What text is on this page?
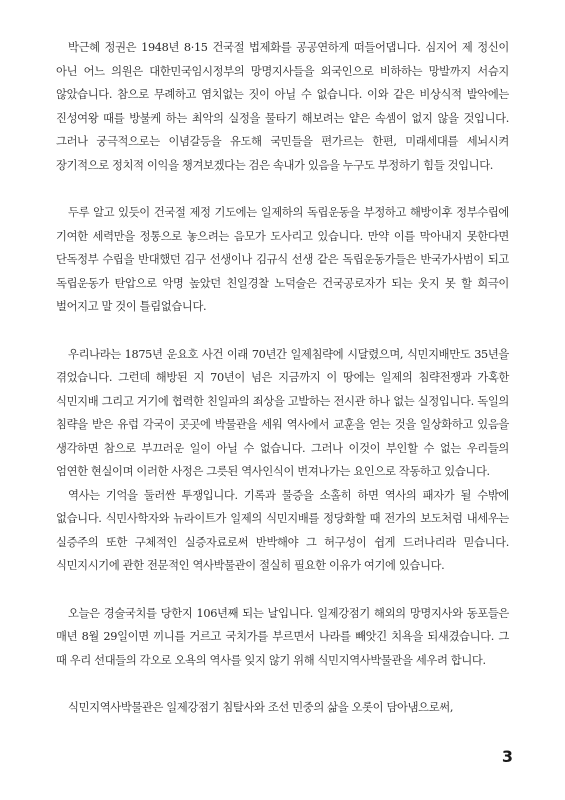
박근혜 정권은 1948년 8·15 건국절 법제화를 공공연하게 떠들어댑니다. 심지어 제 정신이 아닌 어느 의원은 대한민국임시정부의 망명지사들을 외국인으로 비하하는 망발까지 서슴지 않았습니다. 참으로 무례하고 염치없는 짓이 아닐 수 없습니다. 이와 같은 비상식적 발악에는 진성여왕 때를 방불케 하는 최악의 실정을 물타기 해보려는 얕은 속셈이 없지 않을 것입니다. 그러나 궁극적으로는 이념갈등을 유도해 국민들을 편가르는 한편, 미래세대를 세뇌시켜 장기적으로 정치적 이익을 챙겨보겠다는 검은 속내가 있음을 누구도 부정하기 힘들 것입니다.

두루 알고 있듯이 건국절 제정 기도에는 일제하의 독립운동을 부정하고 해방이후 정부수립에 기여한 세력만을 정통으로 놓으려는 음모가 도사리고 있습니다. 만약 이를 막아내지 못한다면 단독정부 수립을 반대했던 김구 선생이나 김규식 선생 같은 독립운동가들은 반국가사범이 되고 독립운동가 탄압으로 악명 높았던 친일경찰 노덕술은 건국공로자가 되는 웃지 못 할 희극이 벌어지고 말 것이 틀림없습니다.

우리나라는 1875년 운요호 사건 이래 70년간 일제침략에 시달렸으며, 식민지배만도 35년을 겪었습니다. 그런데 해방된 지 70년이 넘은 지금까지 이 땅에는 일제의 침략전쟁과 가혹한 식민지배 그리고 거기에 협력한 친일파의 죄상을 고발하는 전시관 하나 없는 실정입니다. 독일의 침략을 받은 유럽 각국이 곳곳에 박물관을 세워 역사에서 교훈을 얻는 것을 일상화하고 있음을 생각하면 참으로 부끄러운 일이 아닐 수 없습니다. 그러나 이것이 부인할 수 없는 우리들의 엄연한 현실이며 이러한 사정은 그릇된 역사인식이 번져나가는 요인으로 작동하고 있습니다.

역사는 기억을 둘러싼 투쟁입니다. 기록과 물증을 소홀히 하면 역사의 패자가 될 수밖에 없습니다. 식민사학자와 뉴라이트가 일제의 식민지배를 정당화할 때 전가의 보도처럼 내세우는 실증주의 또한 구체적인 실증자료로써 반박해야 그 허구성이 쉽게 드러나리라 믿습니다. 식민지시기에 관한 전문적인 역사박물관이 절실히 필요한 이유가 여기에 있습니다.

오늘은 경술국치를 당한지 106년째 되는 날입니다. 일제강점기 해외의 망명지사와 동포들은 매년 8월 29일이면 끼니를 거르고 국치가를 부르면서 나라를 빼앗긴 치욕을 되새겼습니다. 그 때 우리 선대들의 각오로 오욕의 역사를 잊지 않기 위해 식민지역사박물관을 세우려 합니다.

식민지역사박물관은 일제강점기 침탈사와 조선 민중의 삶을 오롯이 담아냄으로써,

3
